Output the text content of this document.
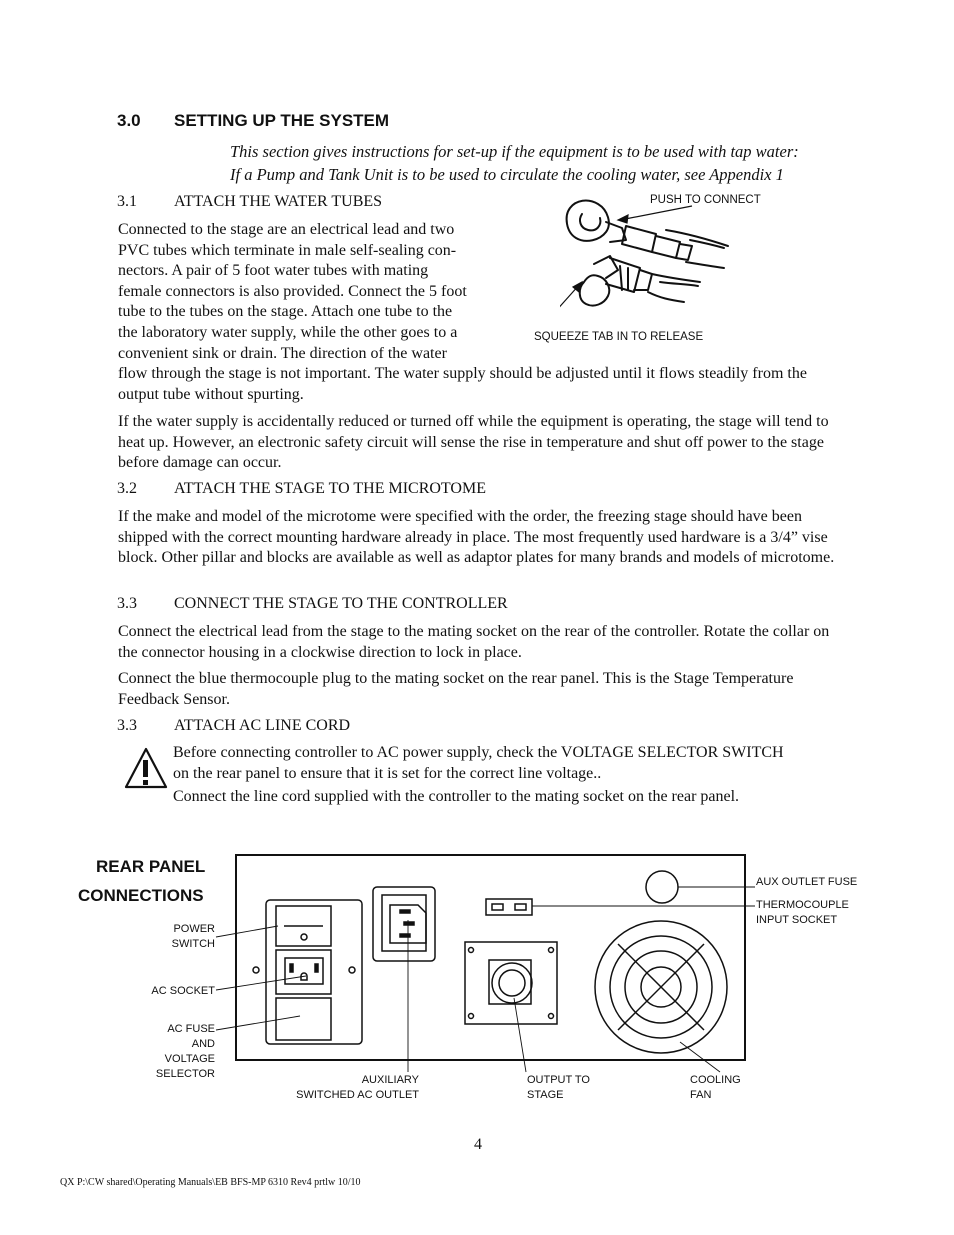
3.0 SETTING UP THE SYSTEM
This section gives instructions for set-up if the equipment is to be used with tap water:
If a Pump and Tank Unit is to be used to circulate the cooling water, see Appendix 1
3.1 ATTACH THE WATER TUBES
Connected to the stage are an electrical lead and two
PVC tubes which terminate in male self-sealing con-
nectors. A pair of 5 foot water tubes with mating
female connectors is also provided. Connect the 5 foot
tube to the tubes on the stage. Attach one tube to the
the laboratory water supply, while the other goes to a
convenient sink or drain. The direction of the water

flow through the stage is not important. The water supply should be adjusted until it flows steadily from the output tube without spurting.

If the water supply is accidentally reduced or turned off while the equipment is operating, the stage will tend to heat up. However, an electronic safety circuit will sense the rise in temperature and shut off power to the stage before damage can occur.

PUSH TO CONNECT
SQUEEZE TAB IN TO RELEASE
3.2 ATTACH THE STAGE TO THE MICROTOME

If the make and model of the microtome were specified with the order, the freezing stage should have been shipped with the correct mounting hardware already in place. The most frequently used hardware is a 3/4” vise block. Other pillar and blocks are available as well as adaptor plates for many brands and models of microtome.

3.3 CONNECT THE STAGE TO THE CONTROLLER

Connect the electrical lead from the stage to the mating socket on the rear of the controller. Rotate the collar on the connector housing in a clockwise direction to lock in place.

Connect the blue thermocouple plug to the mating socket on the rear panel. This is the Stage Temperature Feedback Sensor.

3.3 ATTACH AC LINE CORD
Before connecting controller to AC power supply, check the VOLTAGE SELECTOR SWITCH
on the rear panel to ensure that it is set for the correct line voltage..
Connect the line cord supplied with the controller to the mating socket on the rear panel.
REAR PANEL
CONNECTIONS
POWER
SWITCH
AC SOCKET
AC FUSE
AND
VOLTAGE
SELECTOR	AUXILIARY
SWITCHED AC OUTLET
OUTPUT TO
STAGE
COOLING
FAN
AUX OUTLET FUSE
THERMOCOUPLE
INPUT SOCKET
4
QX P:\CW shared\Operating Manuals\EB BFS-MP 6310 Rev4 prtlw 10/10
